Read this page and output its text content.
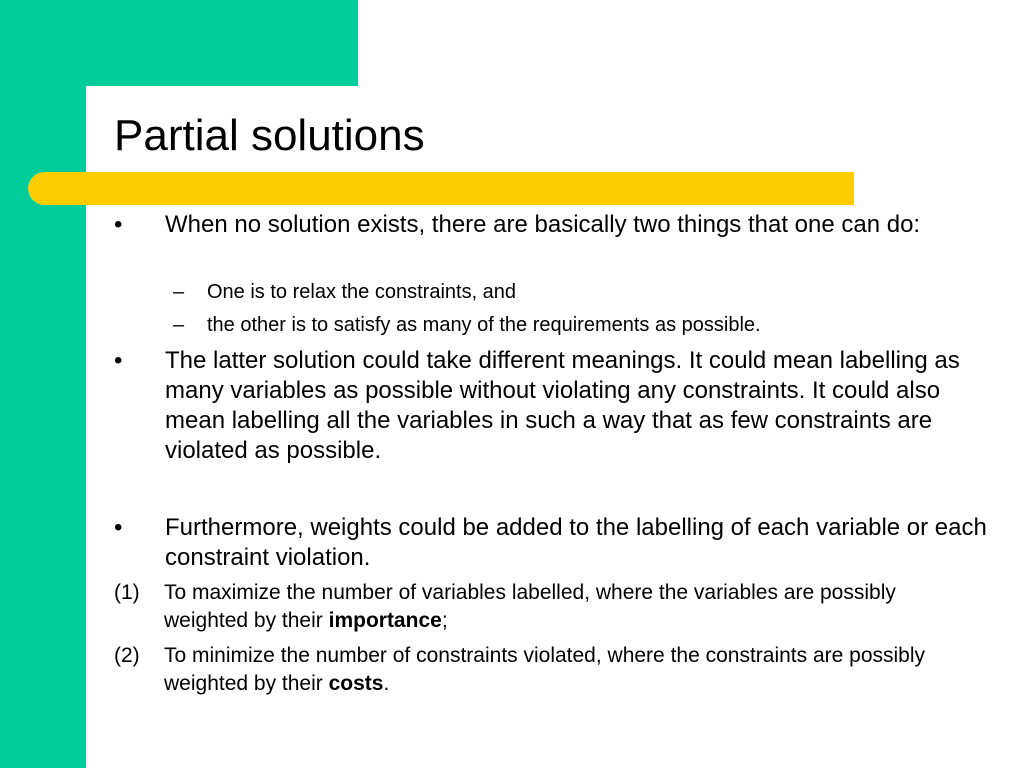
Partial solutions
• When no solution exists, there are basically two things that one can do:
– One is to relax the constraints, and
– the other is to satisfy as many of the requirements as possible.
• The latter solution could take different meanings. It could mean labelling as many variables as possible without violating any constraints. It could also mean labelling all the variables in such a way that as few constraints are violated as possible.
• Furthermore, weights could be added to the labelling of each variable or each constraint violation.
(1) To maximize the number of variables labelled, where the variables are possibly weighted by their importance;
(2) To minimize the number of constraints violated, where the constraints are possibly weighted by their costs.
